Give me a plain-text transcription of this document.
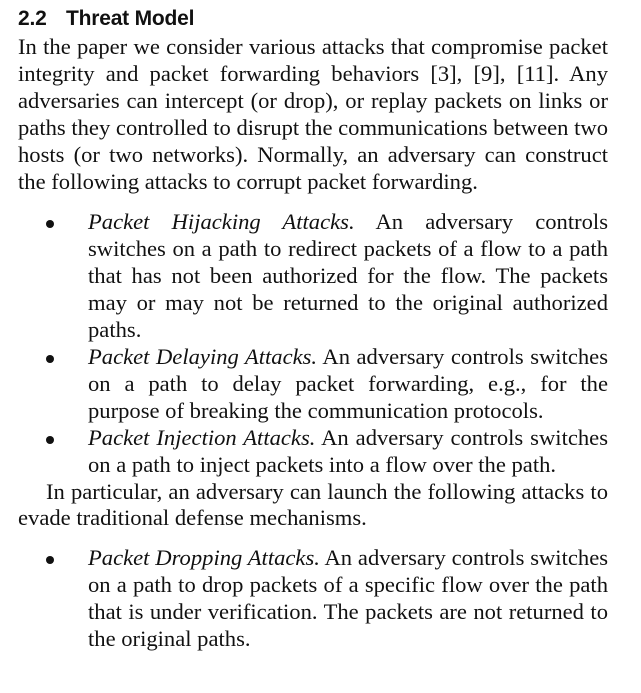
2.2 Threat Model

In the paper we consider various attacks that compromise packet integrity and packet forwarding behaviors [3], [9], [11]. Any adversaries can intercept (or drop), or replay packets on links or paths they controlled to disrupt the communications between two hosts (or two networks). Normally, an adversary can construct the following attacks to corrupt packet forwarding.

Packet Hijacking Attacks. An adversary controls switches on a path to redirect packets of a flow to a path that has not been authorized for the flow. The packets may or may not be returned to the original authorized paths.

Packet Delaying Attacks. An adversary controls switches on a path to delay packet forwarding, e.g., for the purpose of breaking the communication protocols.

Packet Injection Attacks. An adversary controls switches on a path to inject packets into a flow over the path.

In particular, an adversary can launch the following attacks to evade traditional defense mechanisms.

Packet Dropping Attacks. An adversary controls switches on a path to drop packets of a specific flow over the path that is under verification. The packets are not returned to the original paths.
